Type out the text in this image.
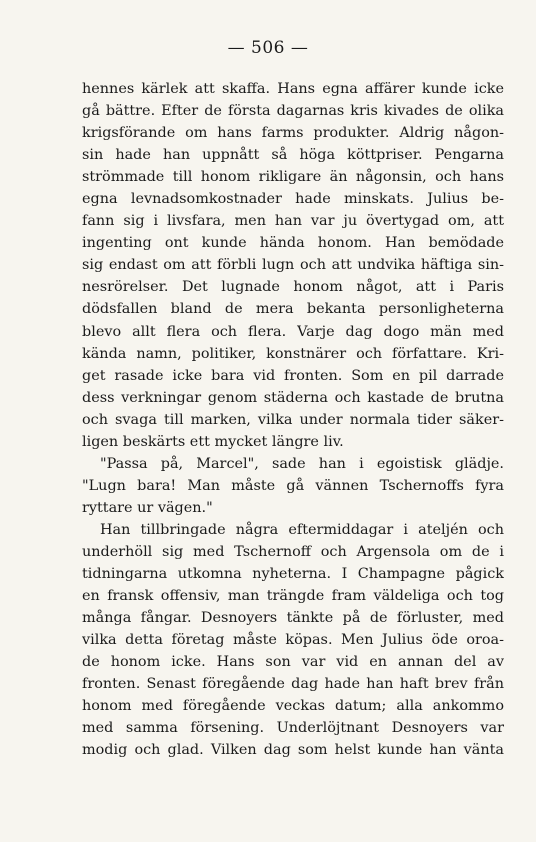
— 506 —
hennes kärlek att skaffa. Hans egna affärer kunde icke
gå bättre. Efter de första dagarnas kris kivades de olika
krigsförande om hans farms produkter. Aldrig någon-
sin hade han uppnått så höga köttpriser. Pengarna
strömmade till honom rikligare än någonsin, och hans
egna levnadsomkostnader hade minskats. Julius be-
fann sig i livsfara, men han var ju övertygad om, att
ingenting ont kunde hända honom. Han bemödade
sig endast om att förbli lugn och att undvika häftiga sin-
nesrörelser. Det lugnade honom något, att i Paris
dödsfallen bland de mera bekanta personligheterna
blevo allt flera och flera. Varje dag dogo män med
kända namn, politiker, konstnärer och författare. Kri-
get rasade icke bara vid fronten. Som en pil darrade
dess verkningar genom städerna och kastade de brutna
och svaga till marken, vilka under normala tider säker-
ligen beskärts ett mycket längre liv.
"Passa på, Marcel", sade han i egoistisk glädje.
"Lugn bara! Man måste gå vännen Tschernoffs fyra
ryttare ur vägen."
Han tillbringade några eftermiddagar i ateljén och
underhöll sig med Tschernoff och Argensola om de i
tidningarna utkomna nyheterna. I Champagne pågick
en fransk offensiv, man trängde fram väldeliga och tog
många fångar. Desnoyers tänkte på de förluster, med
vilka detta företag måste köpas. Men Julius öde oroa-
de honom icke. Hans son var vid en annan del av
fronten. Senast föregående dag hade han haft brev från
honom med föregående veckas datum; alla ankommo
med samma försening. Underlöjtnant Desnoyers var
modig och glad. Vilken dag som helst kunde han vänta
